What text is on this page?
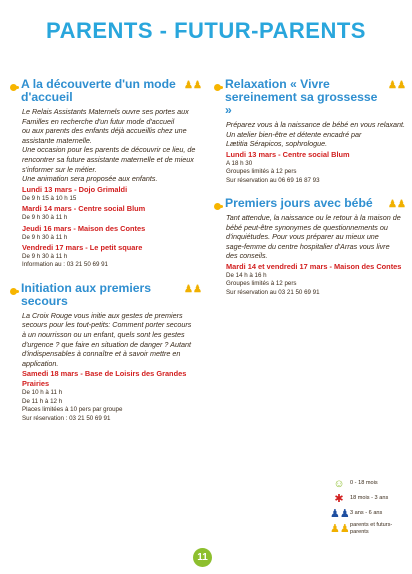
PARENTS - FUTUR-PARENTS
A la découverte d'un mode d'accueil
♟♟
Le Relais Assistants Maternels ouvre ses portes aux
Familles en recherche d'un futur mode d'accueil
ou aux parents des enfants déjà accueillis chez une
assistante maternelle.
Une occasion pour les parents de découvrir ce lieu, de
rencontrer sa future assistante maternelle et de mieux
s'informer sur le métier.
Une animation sera proposée aux enfants.
Lundi 13 mars - Dojo Grimaldi
De 9 h 15 à 10 h 15
Mardi 14 mars - Centre social Blum
De 9 h 30 à 11 h
Jeudi 16 mars - Maison des Contes
De 9 h 30 à 11 h
Vendredi 17 mars - Le petit square
De 9 h 30 à 11 h
Information au : 03 21 50 69 91
Initiation aux premiers secours
♟♟
La Croix Rouge vous initie aux gestes de premiers
secours pour les tout-petits: Comment porter secours
à un nourrisson ou un enfant, quels sont les gestes
d'urgence ? que faire en situation de danger ? Autant
d'indispensables à connaître et à savoir mettre en
application.
Samedi 18 mars - Base de Loisirs des Grandes Prairies
De 10 h à 11 h
De 11 h à 12 h
Places limitées à 10 pers par groupe
Sur réservation : 03 21 50 69 91
Relaxation « Vivre sereinement sa grossesse »
♟♟
Préparez vous à la naissance de bébé en vous relaxant.
Un atelier bien-être et détente encadré par
Lætitia Sérapicos, sophrologue.
Lundi 13 mars - Centre social Blum
A 18 h 30
Groupes limités à 12 pers
Sur réservation au 06 69 16 87 93
Premiers jours avec bébé	♟♟
Tant attendue, la naissance ou le retour à la maison de
bébé peut-être synonymes de questionnements ou
d'inquiétudes. Pour vous préparer au mieux une
sage-femme du centre hospitalier d'Arras vous livre
des conseils.
Mardi 14 et vendredi 17 mars - Maison des Contes
De 14 h à 16 h
Groupes limités à 12 pers
Sur réservation au 03 21 50 69 91
☺ 0 - 18 mois
✱	18 mois - 3 ans
♟♟ 3 ans - 6 ans
♟♟ parents et futurs-parents
11
